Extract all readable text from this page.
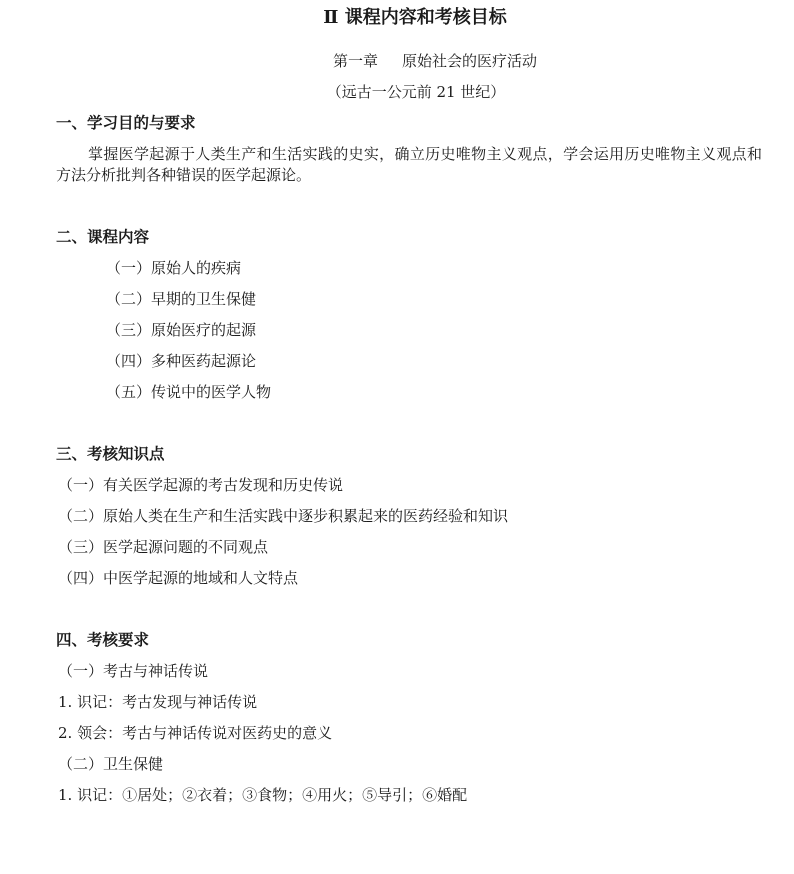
Ⅱ 课程内容和考核目标
第一章 原始社会的医疗活动
（远古一公元前 21 世纪）
一、学习目的与要求
掌握医学起源于人类生产和生活实践的史实，确立历史唯物主义观点，学会运用历史唯物主义观点和方法分析批判各种错误的医学起源论。
二、课程内容
（一）原始人的疾病
（二）早期的卫生保健
（三）原始医疗的起源
（四）多种医药起源论
（五）传说中的医学人物
三、考核知识点
（一）有关医学起源的考古发现和历史传说
（二）原始人类在生产和生活实践中逐步积累起来的医药经验和知识
（三）医学起源问题的不同观点
（四）中医学起源的地域和人文特点
四、考核要求
（一）考古与神话传说
1. 识记：考古发现与神话传说
2. 领会：考古与神话传说对医药史的意义
（二）卫生保健
1. 识记：①居处；②衣着；③食物；④用火；⑤导引；⑥婚配
